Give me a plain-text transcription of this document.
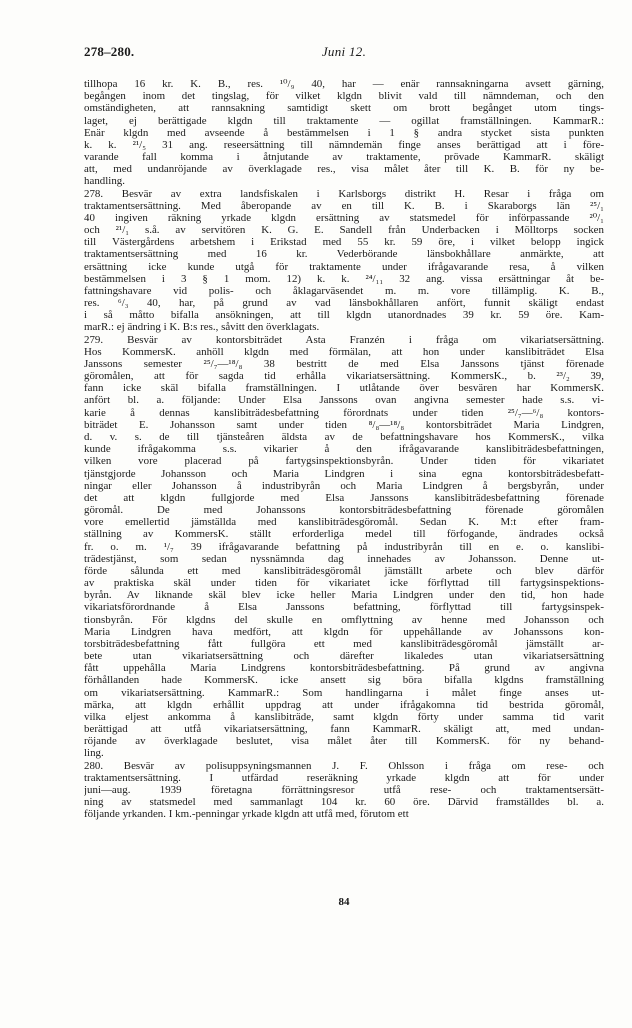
278–280.	Juni 12.
tillhopa 16 kr. K. B., res. ¹⁰/₉ 40, har — enär rannsakningarna avsett gärning,
begången inom det tingslag, för vilket klgdn blivit vald till nämndeman, och den
omständigheten, att rannsakning samtidigt skett om brott begånget utom tings-
laget, ej berättigade klgdn till traktamente — ogillat framställningen. KammarR.:
Enär klgdn med avseende å bestämmelsen i 1 § andra stycket sista punkten
k. k. ²¹/₅ 31 ang. reseersättning till nämndemän finge anses berättigad att i före-
varande fall komma i åtnjutande av traktamente, prövade KammarR. skäligt
att, med undanröjande av överklagade res., visa målet åter till K. B. för ny be-
handling.
278. Besvär av extra landsfiskalen i Karlsborgs distrikt H. Resar i fråga om
traktamentsersättning. Med åberopande av en till K. B. i Skaraborgs län ²⁵/₁
40 ingiven räkning yrkade klgdn ersättning av statsmedel för införpassande ²⁰/₁
och ²¹/₁ s.å. av servitören K. G. E. Sandell från Underbacken i Mölltorps socken
till Västergårdens arbetshem i Erikstad med 55 kr. 59 öre, i vilket belopp ingick
traktamentsersättning med 16 kr. Vederbörande länsbokhållare anmärkte, att
ersättning icke kunde utgå för traktamente under ifrågavarande resa, å vilken
bestämmelsen i 3 § 1 mom. 12) k. k. ²⁴/₁₁ 32 ang. vissa ersättningar åt be-
fattningshavare vid polis- och åklagarväsendet m. m. vore tillämplig. K. B.,
res. ⁶/₃ 40, har, på grund av vad länsbokhållaren anfört, funnit skäligt endast
i så måtto bifalla ansökningen, att till klgdn utanordnades 39 kr. 59 öre. Kam-
marR.: ej ändring i K. B:s res., såvitt den överklagats.
279. Besvär av kontorsbiträdet Asta Franzén i fråga om vikariatsersättning.
Hos KommersK. anhöll klgdn med förmälan, att hon under kanslibiträdet Elsa
Janssons semester ²⁵/₇—¹⁸/₈ 38 bestritt de med Elsa Janssons tjänst förenade
göromålen, att för sagda tid erhålla vikariatsersättning. KommersK., b. ²³/₂ 39,
fann icke skäl bifalla framställningen. I utlåtande över besvären har KommersK.
anfört bl. a. följande: Under Elsa Janssons ovan angivna semester hade s.s. vi-
karie å dennas kanslibiträdesbefattning förordnats under tiden ²⁵/₇—⁶/₈ kontors-
biträdet E. Johansson samt under tiden ⁸/₈—¹⁸/₈ kontorsbiträdet Maria Lindgren,
d. v. s. de till tjänsteåren äldsta av de befattningshavare hos KommersK., vilka
kunde ifrågakomma s.s. vikarier å den ifrågavarande kanslibiträdesbefattningen,
vilken vore placerad på fartygsinspektionsbyrån. Under tiden för vikariatet
tjänstgjorde Johansson och Maria Lindgren i sina egna kontorsbiträdesbefatt-
ningar eller Johansson å industribyrån och Maria Lindgren å bergsbyrån, under
det att klgdn fullgjorde med Elsa Janssons kanslibiträdesbefattning förenade
göromål. De med Johanssons kontorsbiträdesbefattning förenade göromålen
vore emellertid jämställda med kanslibiträdesgöromål. Sedan K. M:t efter fram-
ställning av KommersK. ställt erforderliga medel till förfogande, ändrades också
fr. o. m. ¹/₇ 39 ifrågavarande befattning på industribyrån till en e. o. kanslibi-
trädestjänst, som sedan nyssnämnda dag innehades av Johansson. Denne ut-
förde sålunda ett med kanslibiträdesgöromål jämställt arbete och blev därför
av praktiska skäl under tiden för vikariatet icke förflyttad till fartygsinspektions-
byrån. Av liknande skäl blev icke heller Maria Lindgren under den tid, hon hade
vikariatsförordnande å Elsa Janssons befattning, förflyttad till fartygsinspek-
tionsbyrån. För klgdns del skulle en omflyttning av henne med Johansson och
Maria Lindgren hava medfört, att klgdn för uppehållande av Johanssons kon-
torsbiträdesbefattning fått fullgöra ett med kanslibiträdesgöromål jämställt ar-
bete utan vikariatsersättning och därefter likaledes utan vikariatsersättning
fått uppehålla Maria Lindgrens kontorsbiträdesbefattning. På grund av angivna
förhållanden hade KommersK. icke ansett sig böra bifalla klgdns framställning
om vikariatsersättning. KammarR.: Som handlingarna i målet finge anses ut-
märka, att klgdn erhållit uppdrag att under ifrågakomna tid bestrida göromål,
vilka eljest ankomma å kanslibiträde, samt klgdn förty under samma tid varit
berättigad att utfå vikariatsersättning, fann KammarR. skäligt att, med undan-
röjande av överklagade beslutet, visa målet åter till KommersK. för ny behand-
ling.
280. Besvär av polisuppsyningsmannen J. F. Ohlsson i fråga om rese- och
traktamentsersättning. I utfärdad reseräkning yrkade klgdn att för under
juni—aug. 1939 företagna förrättningsresor utfå rese- och traktamentsersätt-
ning av statsmedel med sammanlagt 104 kr. 60 öre. Därvid framställdes bl. a.
följande yrkanden. I km.-penningar yrkade klgdn att utfå med, förutom ett
84
